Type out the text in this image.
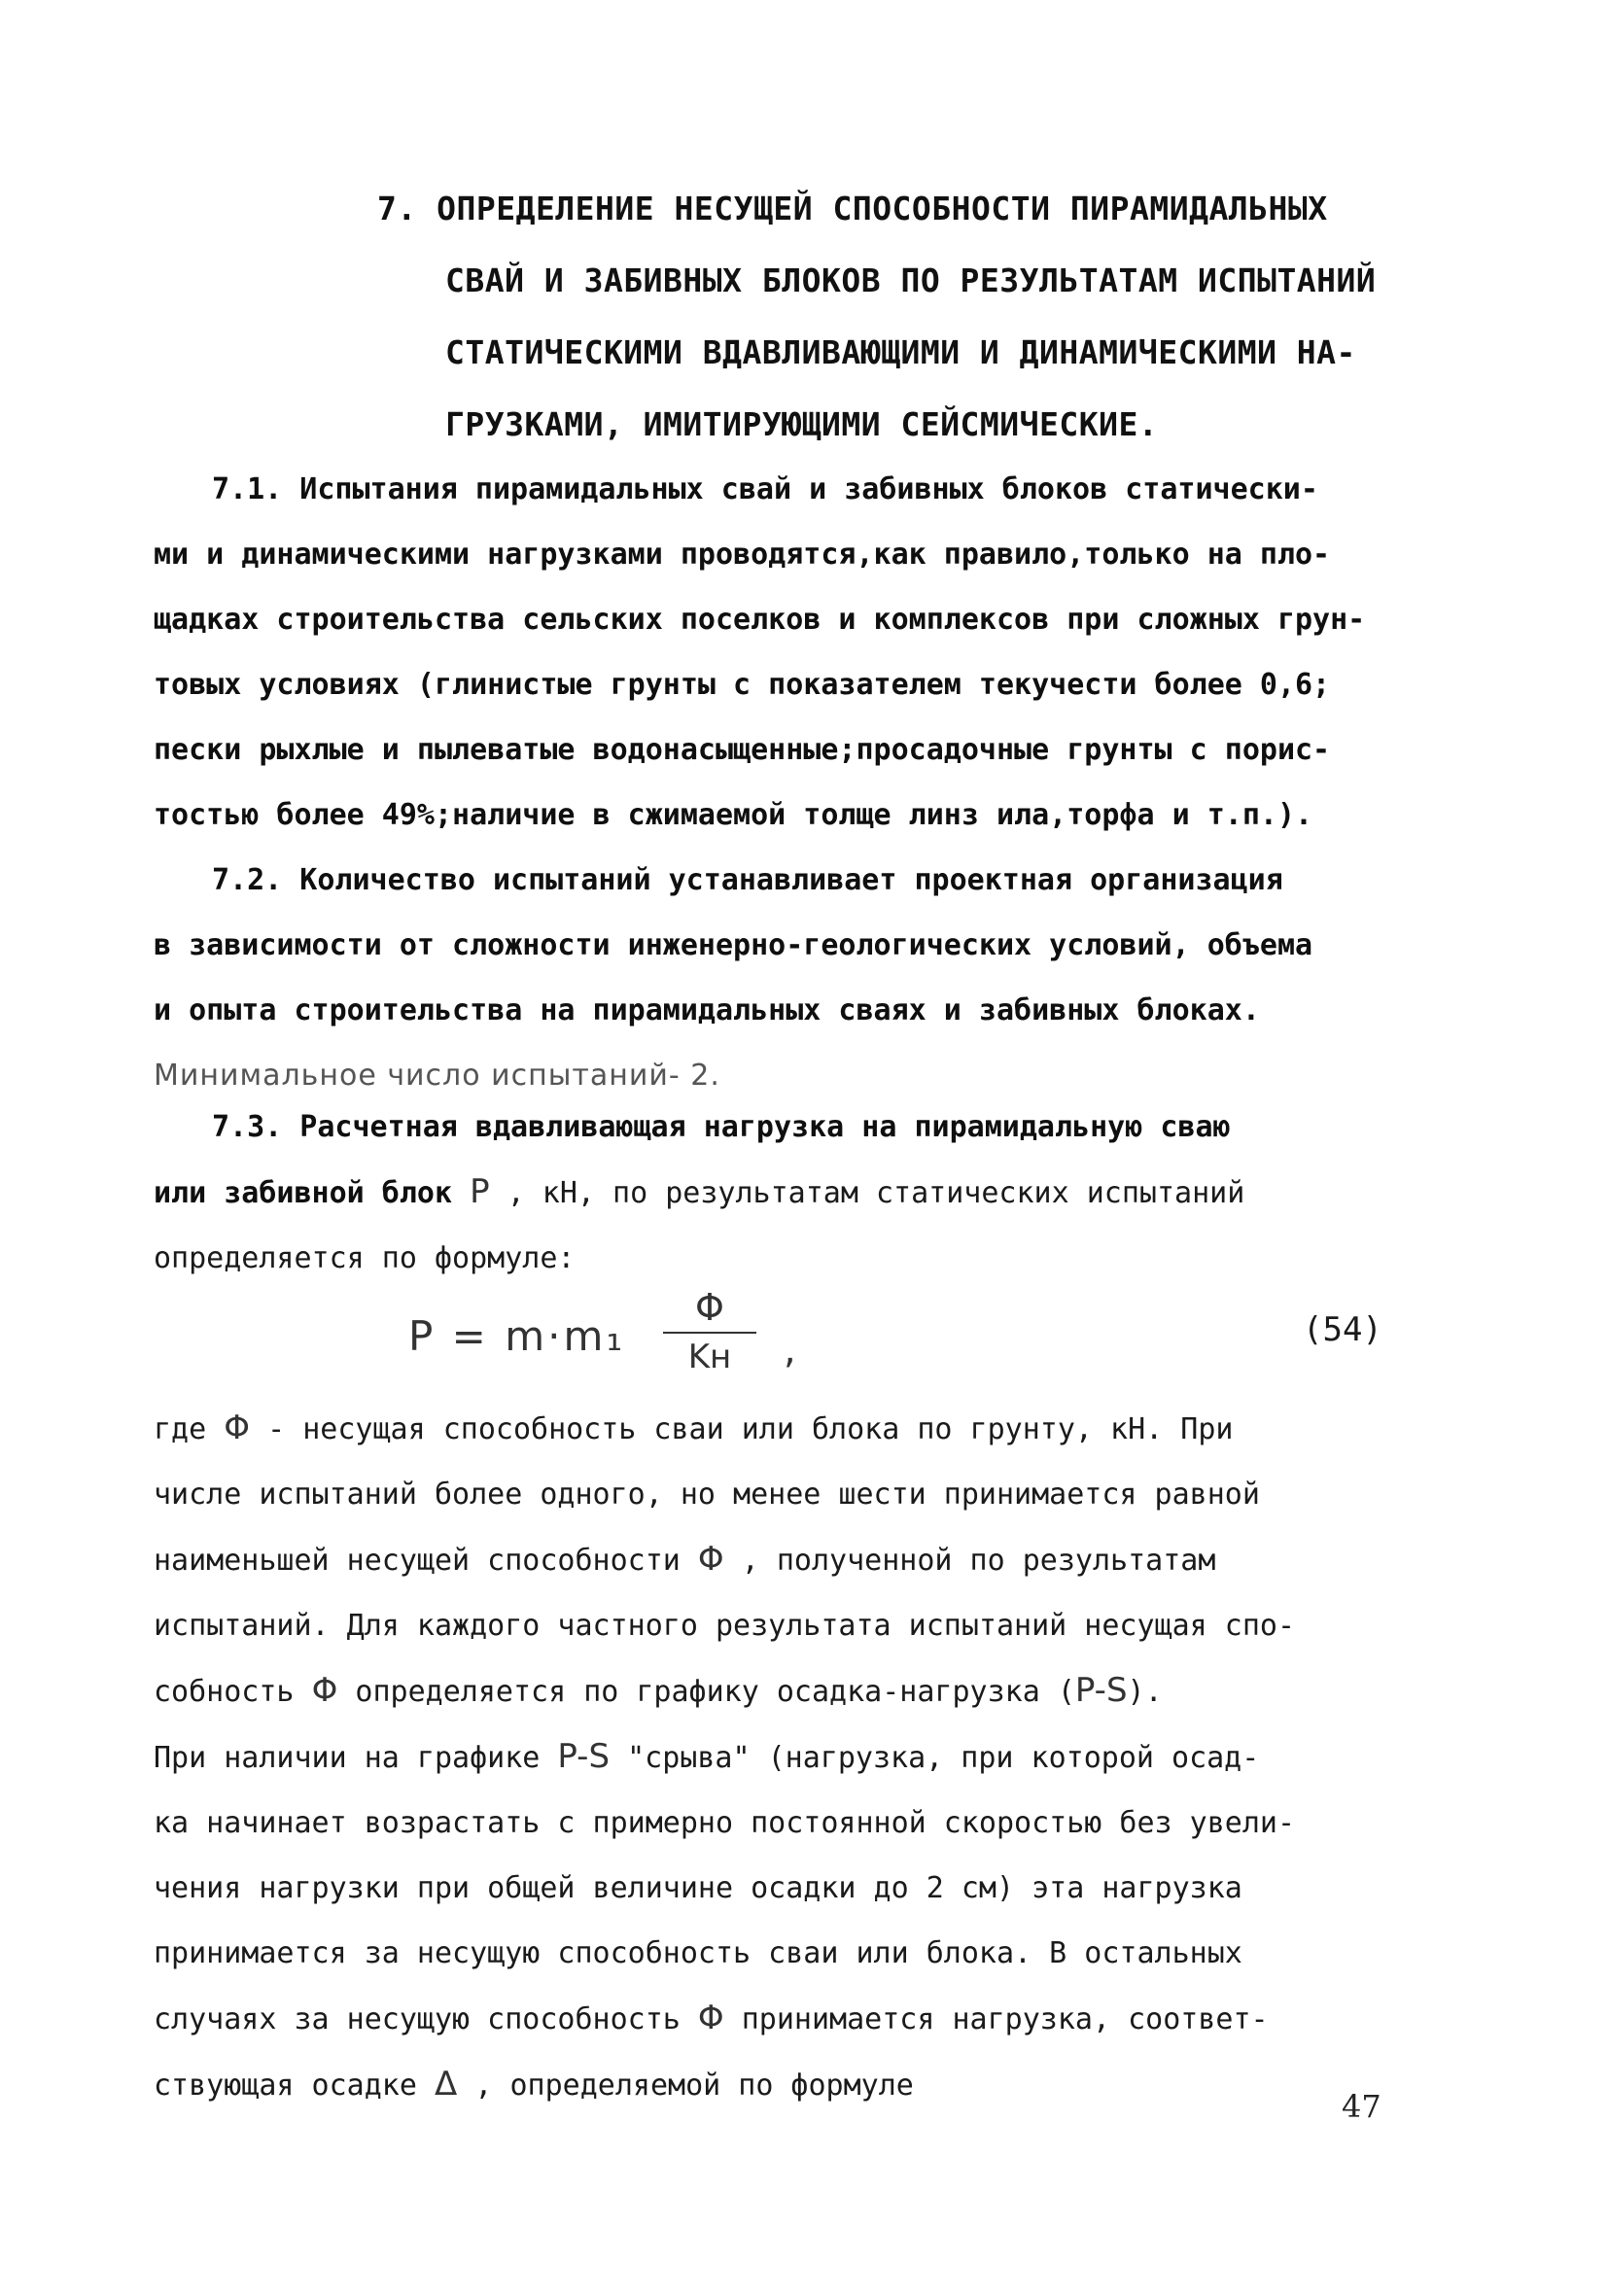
7. ОПРЕДЕЛЕНИЕ НЕСУЩЕЙ СПОСОБНОСТИ ПИРАМИДАЛЬНЫХ
СВАЙ И ЗАБИВНЫХ БЛОКОВ ПО РЕЗУЛЬТАТАМ ИСПЫТАНИЙ
СТАТИЧЕСКИМИ ВДАВЛИВАЮЩИМИ И ДИНАМИЧЕСКИМИ НА-
ГРУЗКАМИ, ИМИТИРУЮЩИМИ СЕЙСМИЧЕСКИЕ.

7.1. Испытания пирамидальных свай и забивных блоков статически-
ми и динамическими нагрузками проводятся,как правило,только на пло-
щадках строительства сельских поселков и комплексов при сложных грун-
товых условиях (глинистые грунты с показателем текучести более 0,6;
пески рыхлые и пылеватые водонасыщенные;просадочные грунты с порис-
тостью более 49%;наличие в сжимаемой толще линз ила,торфа и т.п.).

7.2. Количество испытаний устанавливает проектная организация
в зависимости от сложности инженерно-геологических условий, объема
и опыта строительства на пирамидальных сваях и забивных блоках.
Минимальное число испытаний- 2.

7.3. Расчетная вдавливающая нагрузка на пирамидальную сваю
или забивной блок P , кН, по результатам статических испытаний
определяется по формуле:

P = m·m₁
Φ
Kн	,	(54)

где Φ - несущая способность сваи или блока по грунту, кН. При
числе испытаний более одного, но менее шести принимается равной
наименьшей несущей способности Φ , полученной по результатам
испытаний. Для каждого частного результата испытаний несущая спо-
собность Φ определяется по графику осадка-нагрузка (P-S).
При наличии на графике P-S "срыва" (нагрузка, при которой осад-
ка начинает возрастать с примерно постоянной скоростью без увели-
чения нагрузки при общей величине осадки до 2 см) эта нагрузка
принимается за несущую способность сваи или блока. В остальных
случаях за несущую способность Φ принимается нагрузка, соответ-
ствующая осадке Δ , определяемой по формуле

47
